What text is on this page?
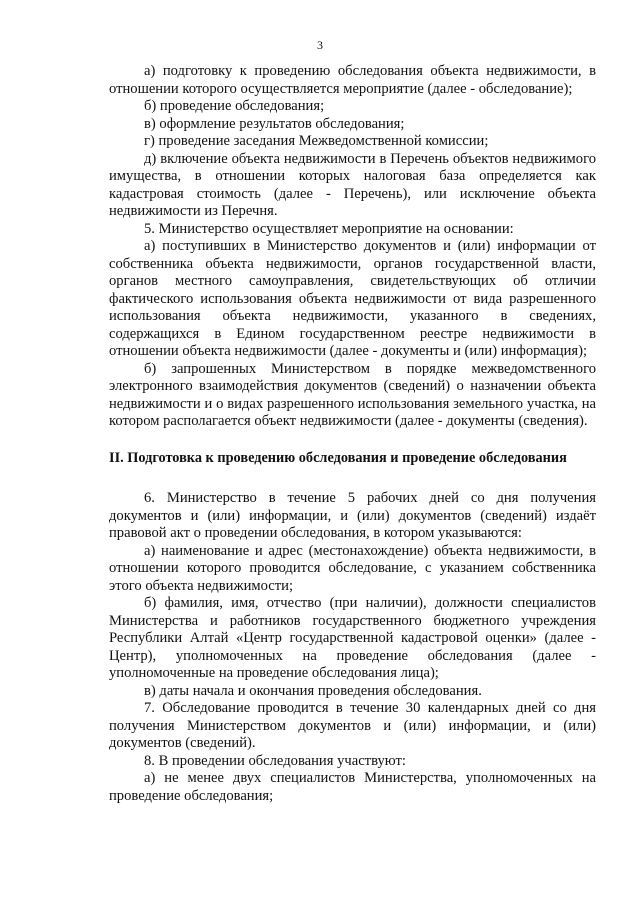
3

а) подготовку к проведению обследования объекта недвижимости, в отношении которого осуществляется мероприятие (далее - обследование);

б) проведение обследования;

в) оформление результатов обследования;

г) проведение заседания Межведомственной комиссии;

д) включение объекта недвижимости в Перечень объектов недвижимого имущества, в отношении которых налоговая база определяется как кадастровая стоимость (далее - Перечень), или исключение объекта недвижимости из Перечня.

5. Министерство осуществляет мероприятие на основании:

а) поступивших в Министерство документов и (или) информации от собственника объекта недвижимости, органов государственной власти, органов местного самоуправления, свидетельствующих об отличии фактического использования объекта недвижимости от вида разрешенного использования объекта недвижимости, указанного в сведениях, содержащихся в Едином государственном реестре недвижимости в отношении объекта недвижимости (далее - документы и (или) информация);

б) запрошенных Министерством в порядке межведомственного электронного взаимодействия документов (сведений) о назначении объекта недвижимости и о видах разрешенного использования земельного участка, на котором располагается объект недвижимости (далее - документы (сведения).

II. Подготовка к проведению обследования и проведение обследования

6. Министерство в течение 5 рабочих дней со дня получения документов и (или) информации, и (или) документов (сведений) издаёт правовой акт о проведении обследования, в котором указываются:

а) наименование и адрес (местонахождение) объекта недвижимости, в отношении которого проводится обследование, с указанием собственника этого объекта недвижимости;

б) фамилия, имя, отчество (при наличии), должности специалистов Министерства и работников государственного бюджетного учреждения Республики Алтай «Центр государственной кадастровой оценки» (далее - Центр), уполномоченных на проведение обследования (далее - уполномоченные на проведение обследования лица);

в) даты начала и окончания проведения обследования.

7. Обследование проводится в течение 30 календарных дней со дня получения Министерством документов и (или) информации, и (или) документов (сведений).

8. В проведении обследования участвуют:

а) не менее двух специалистов Министерства, уполномоченных на проведение обследования;
